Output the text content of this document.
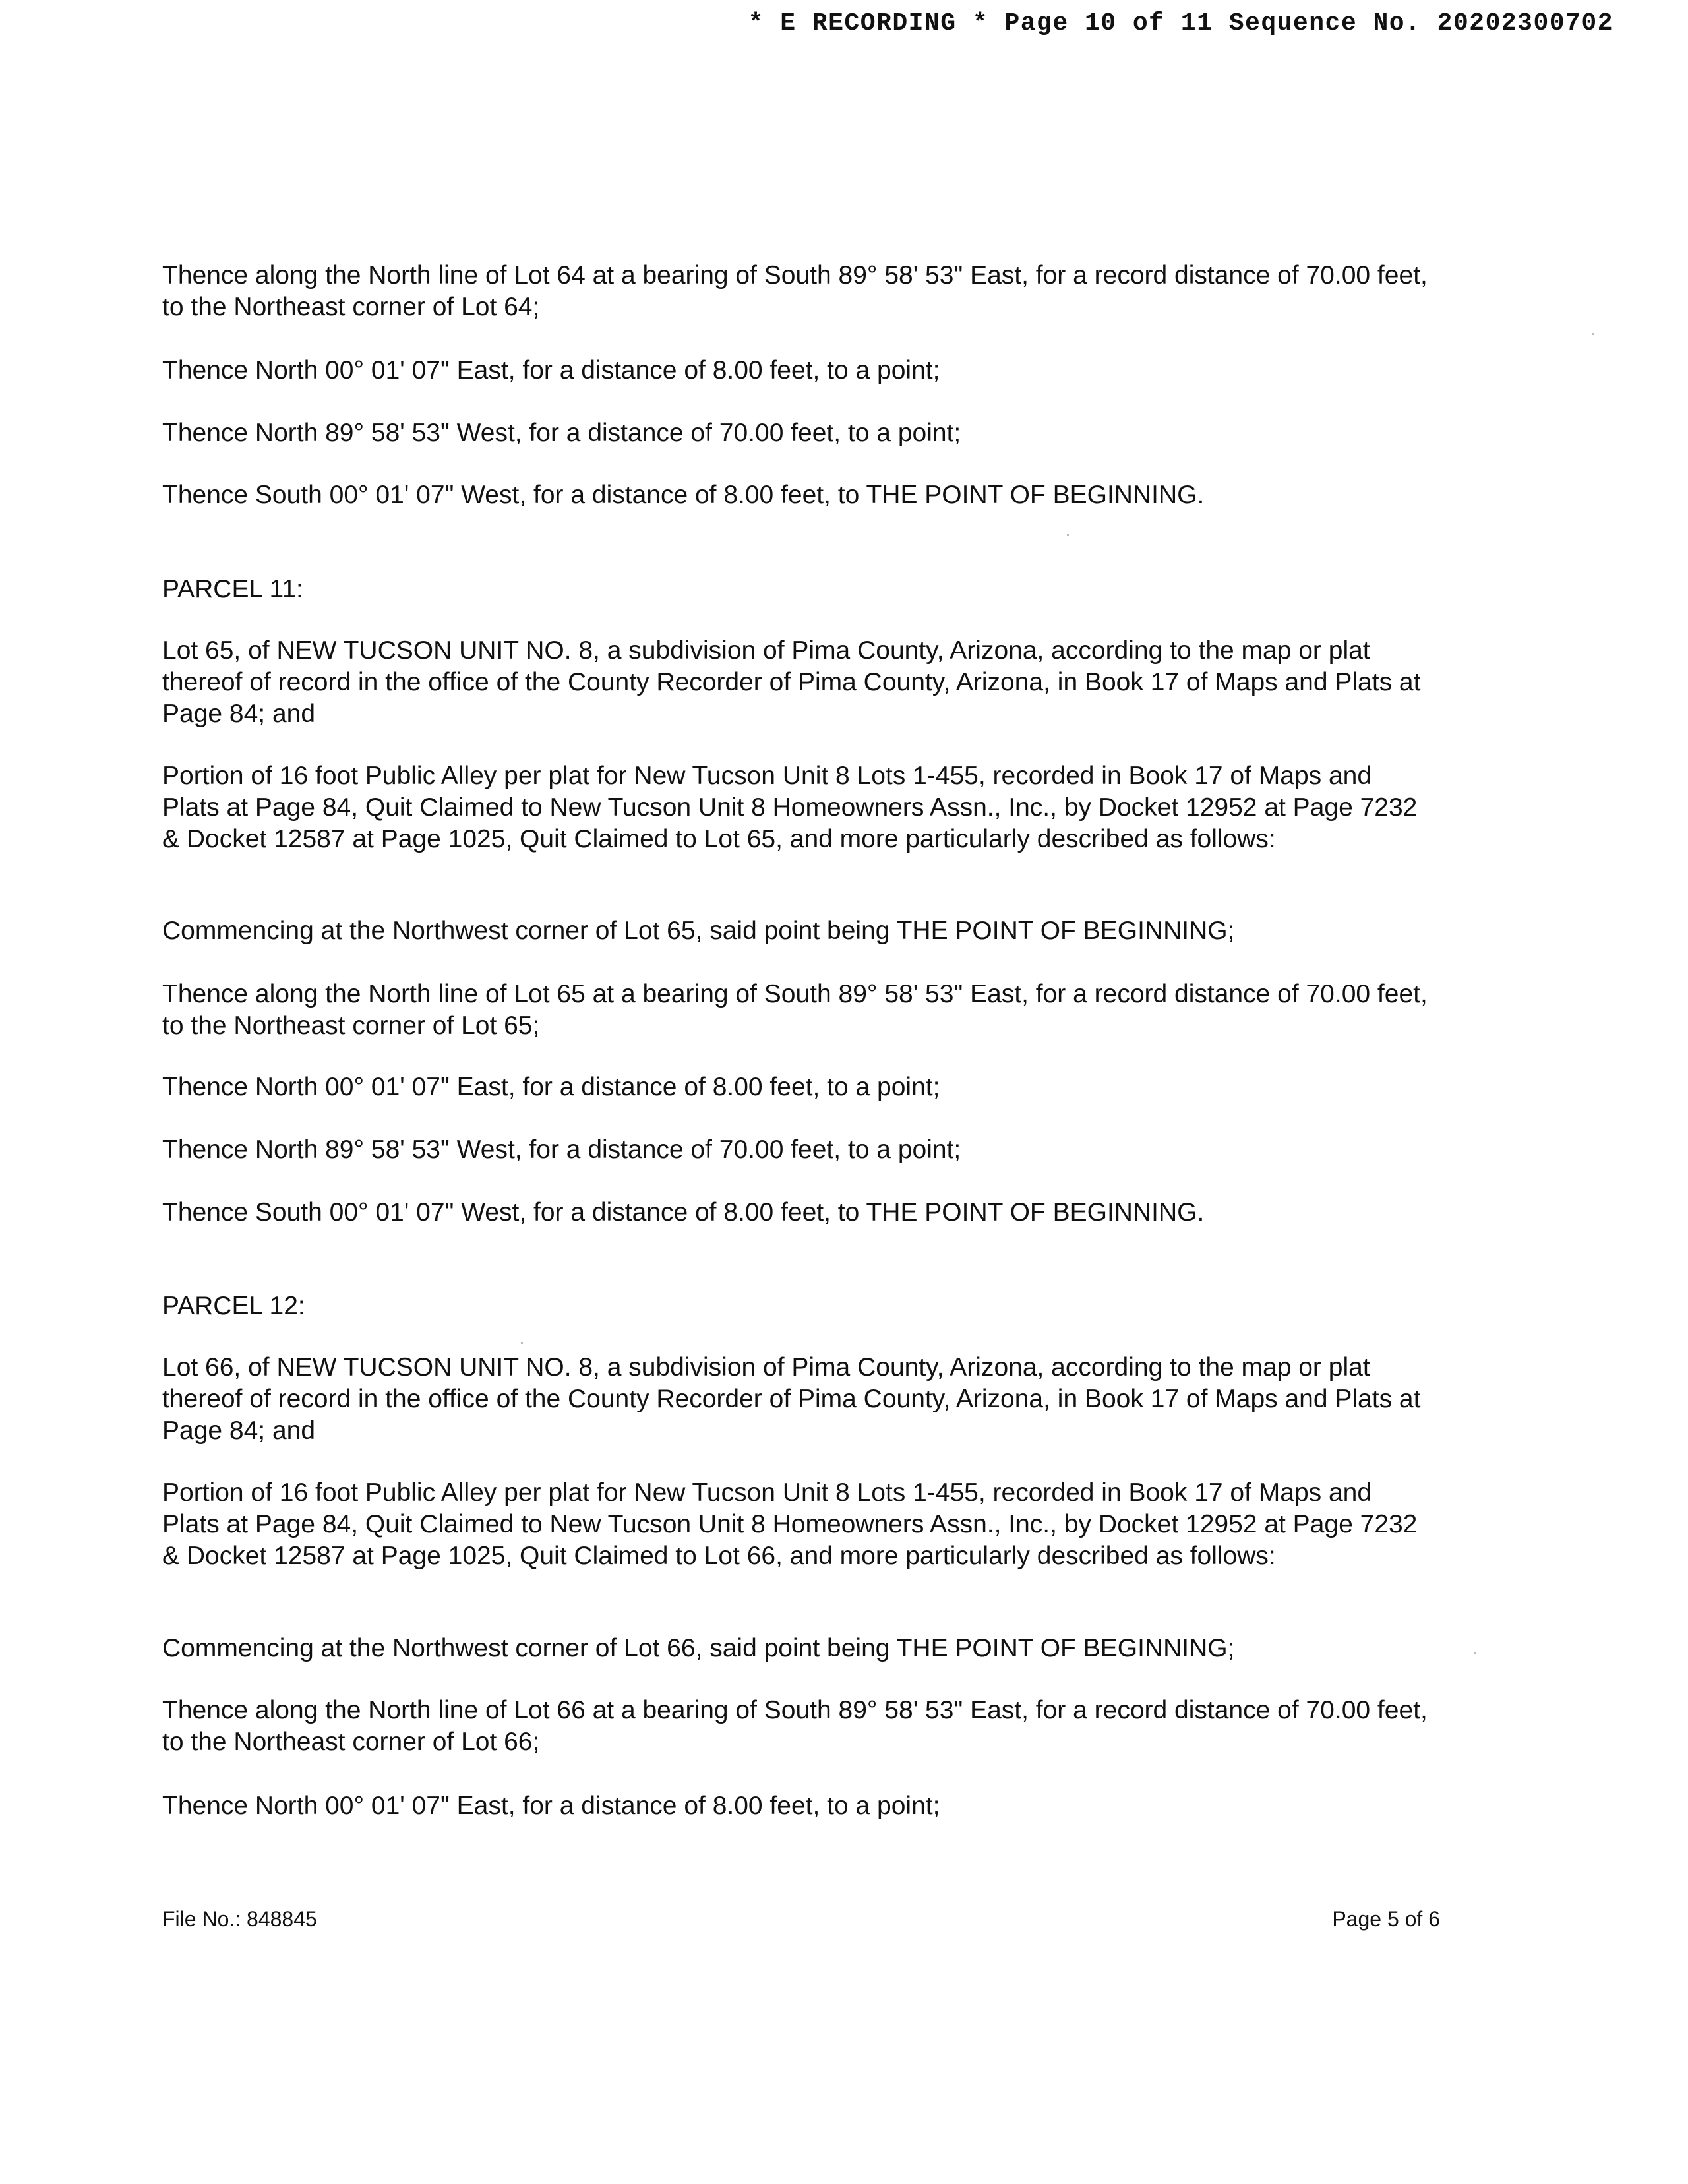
* E RECORDING * Page 10 of 11 Sequence No. 20202300702

Thence along the North line of Lot 64 at a bearing of South 89° 58' 53" East, for a record distance of 70.00 feet, to the Northeast corner of Lot 64;

Thence North 00° 01' 07" East, for a distance of 8.00 feet, to a point;

Thence North 89° 58' 53" West, for a distance of 70.00 feet, to a point;

Thence South 00° 01' 07" West, for a distance of 8.00 feet, to THE POINT OF BEGINNING.

PARCEL 11:

Lot 65, of NEW TUCSON UNIT NO. 8, a subdivision of Pima County, Arizona, according to the map or plat thereof of record in the office of the County Recorder of Pima County, Arizona, in Book 17 of Maps and Plats at Page 84; and

Portion of 16 foot Public Alley per plat for New Tucson Unit 8 Lots 1-455, recorded in Book 17 of Maps and Plats at Page 84, Quit Claimed to New Tucson Unit 8 Homeowners Assn., Inc., by Docket 12952 at Page 7232 & Docket 12587 at Page 1025, Quit Claimed to Lot 65, and more particularly described as follows:

Commencing at the Northwest corner of Lot 65, said point being THE POINT OF BEGINNING;

Thence along the North line of Lot 65 at a bearing of South 89° 58' 53" East, for a record distance of 70.00 feet, to the Northeast corner of Lot 65;

Thence North 00° 01' 07" East, for a distance of 8.00 feet, to a point;

Thence North 89° 58' 53" West, for a distance of 70.00 feet, to a point;

Thence South 00° 01' 07" West, for a distance of 8.00 feet, to THE POINT OF BEGINNING.

PARCEL 12:

Lot 66, of NEW TUCSON UNIT NO. 8, a subdivision of Pima County, Arizona, according to the map or plat thereof of record in the office of the County Recorder of Pima County, Arizona, in Book 17 of Maps and Plats at Page 84; and

Portion of 16 foot Public Alley per plat for New Tucson Unit 8 Lots 1-455, recorded in Book 17 of Maps and Plats at Page 84, Quit Claimed to New Tucson Unit 8 Homeowners Assn., Inc., by Docket 12952 at Page 7232 & Docket 12587 at Page 1025, Quit Claimed to Lot 66, and more particularly described as follows:

Commencing at the Northwest corner of Lot 66, said point being THE POINT OF BEGINNING;

Thence along the North line of Lot 66 at a bearing of South 89° 58' 53" East, for a record distance of 70.00 feet, to the Northeast corner of Lot 66;

Thence North 00° 01' 07" East, for a distance of 8.00 feet, to a point;

File No.: 848845	Page 5 of 6
